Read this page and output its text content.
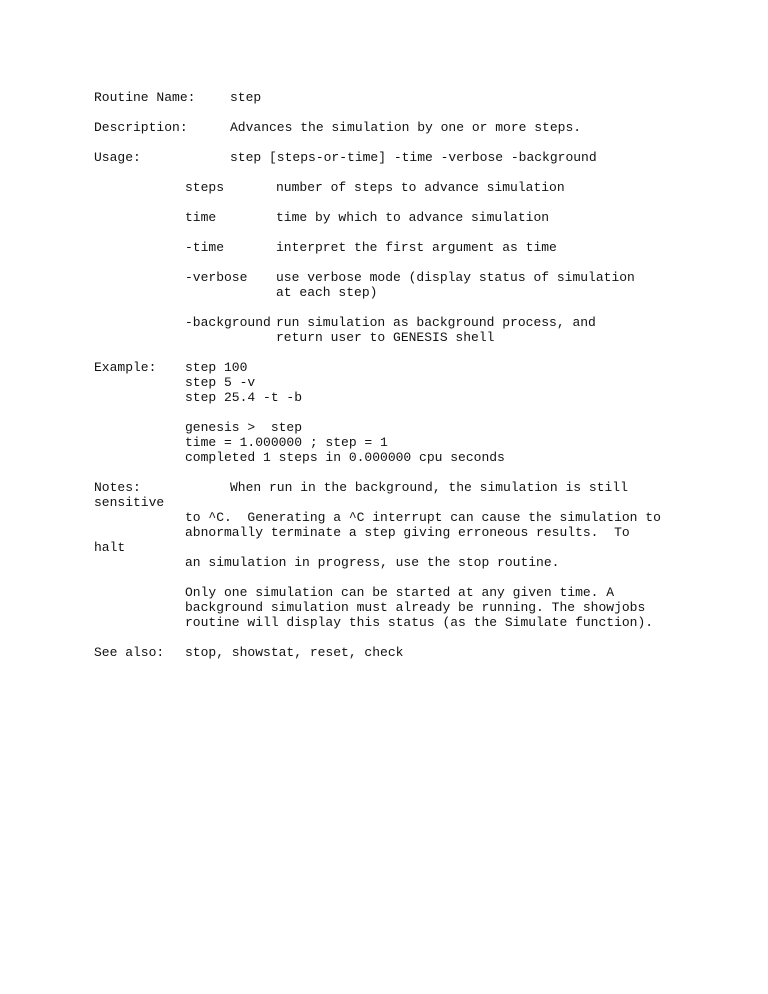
Routine Name:	step
Description:	Advances the simulation by one or more steps.
Usage:	step [steps-or-time] -time -verbose -background
steps	number of steps to advance simulation
time	time by which to advance simulation
-time	interpret the first argument as time
-verbose use verbose mode (display status of simulation
at each step)
-background run simulation as background process, and
return user to GENESIS shell
Example: step 100
step 5 -v
step 25.4 -t -b
genesis >  step
time = 1.000000 ; step = 1
completed 1 steps in 0.000000 cpu seconds
Notes:	When run in the background, the simulation is still
sensitive
to ^C.  Generating a ^C interrupt can cause the simulation to
abnormally terminate a step giving erroneous results.  To
halt
an simulation in progress, use the stop routine.
Only one simulation can be started at any given time. A
background simulation must already be running. The showjobs
routine will display this status (as the Simulate function).
See also: stop, showstat, reset, check
